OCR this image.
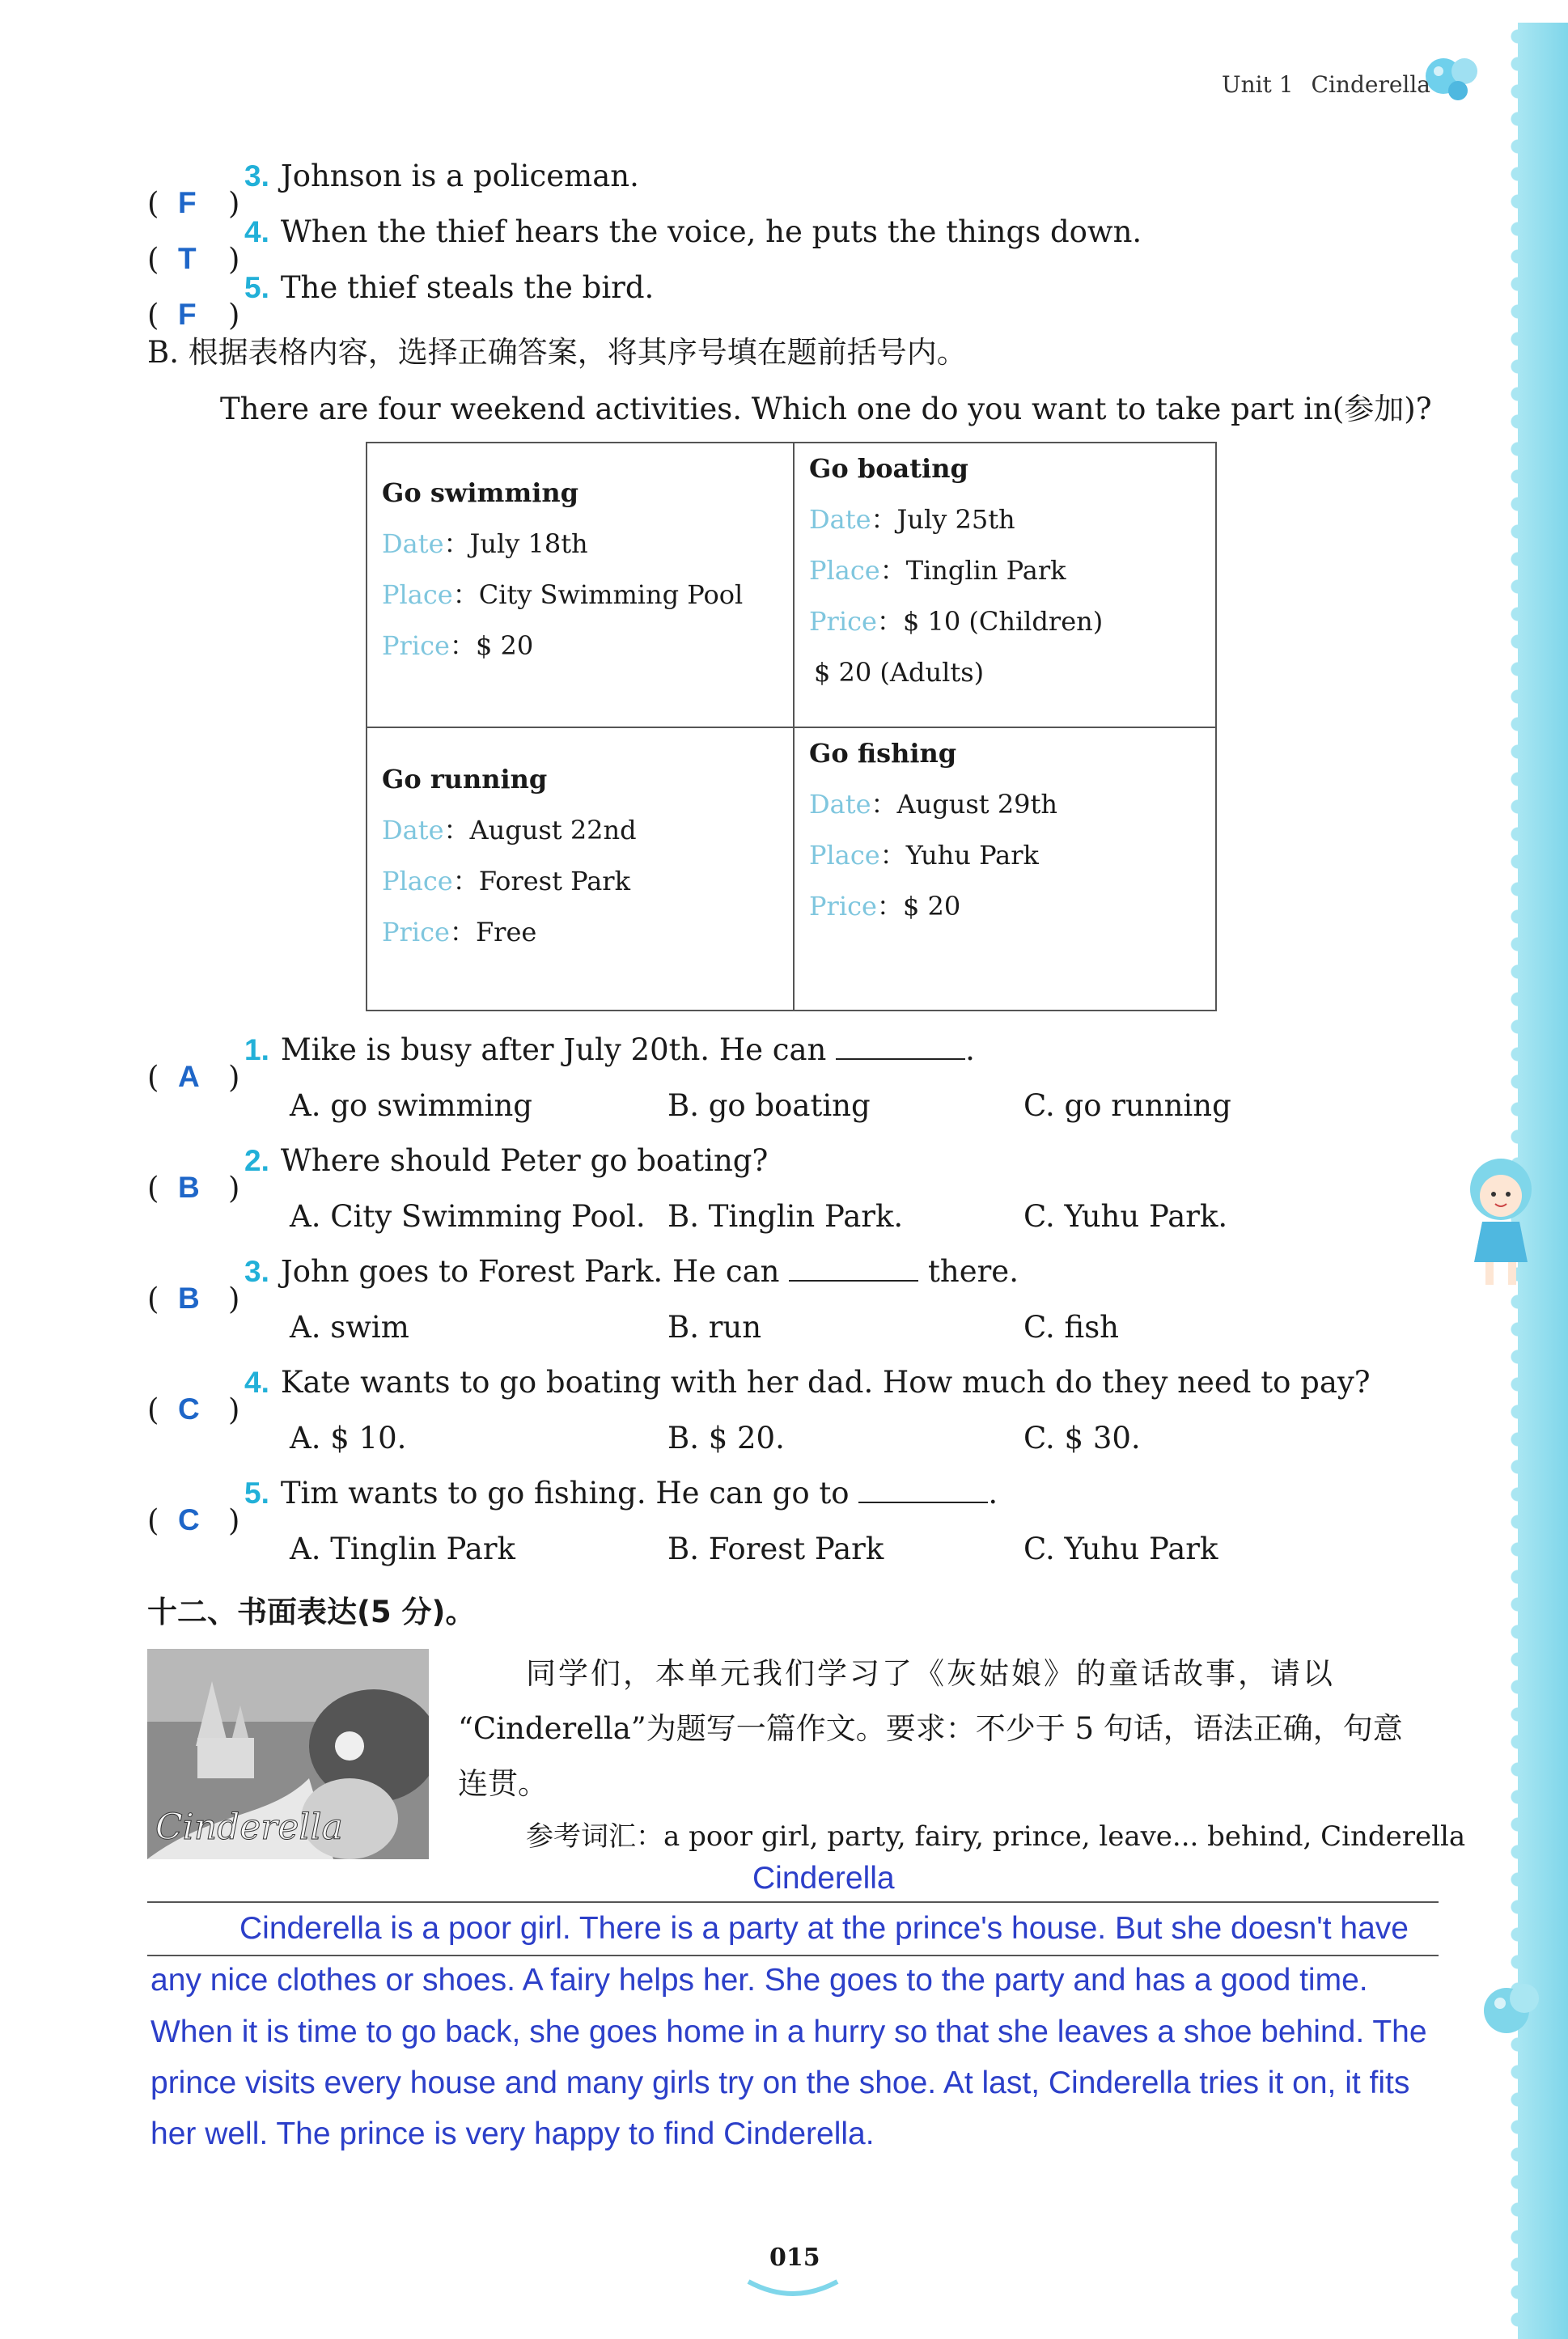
Unit 1 Cinderella
( F )
3. Johnson is a policeman.
( T )
4. When the thief hears the voice, he puts the things down.
( F )
5. The thief steals the bird.
B. 根据表格内容，选择正确答案，将其序号填在题前括号内。
There are four weekend activities. Which one do you want to take part in(参加)?
Go swimming
Date：July 18th
Place：City Swimming Pool
Price：$ 20
Go boating
Date：July 25th
Place：Tinglin Park
Price：$ 10 (Children)
$ 20 (Adults)
Go running
Date：August 22nd
Place：Forest Park
Price：Free
Go fishing
Date：August 29th
Place：Yuhu Park
Price：$ 20
( A )
1. Mike is busy after July 20th. He can	.
A. go swimming	B. go boating	C. go running
( B )
2. Where should Peter go boating?
A. City Swimming Pool. B. Tinglin Park.	C. Yuhu Park.
( B )
3. John goes to Forest Park. He can	there.
A. swim	B. run	C. fish
( C )
4. Kate wants to go boating with her dad. How much do they need to pay?
A. $ 10.	B. $ 20.	C. $ 30.
( C )
5. Tim wants to go fishing. He can go to	.
A. Tinglin Park	B. Forest Park	C. Yuhu Park
十二、书面表达(5 分)。
Cinderella
同学们，本单元我们学习了《灰姑娘》的童话故事，请以
“Cinderella”为题写一篇作文。要求：不少于 5 句话，语法正确，句意
连贯。
参考词汇：a poor girl, party, fairy, prince, leave... behind, Cinderella
Cinderella
Cinderella is a poor girl. There is a party at the prince's house. But she doesn't have
any nice clothes or shoes. A fairy helps her. She goes to the party and has a good time.
When it is time to go back, she goes home in a hurry so that she leaves a shoe behind. The
prince visits every house and many girls try on the shoe. At last, Cinderella tries it on, it fits
her well. The prince is very happy to find Cinderella.
015
